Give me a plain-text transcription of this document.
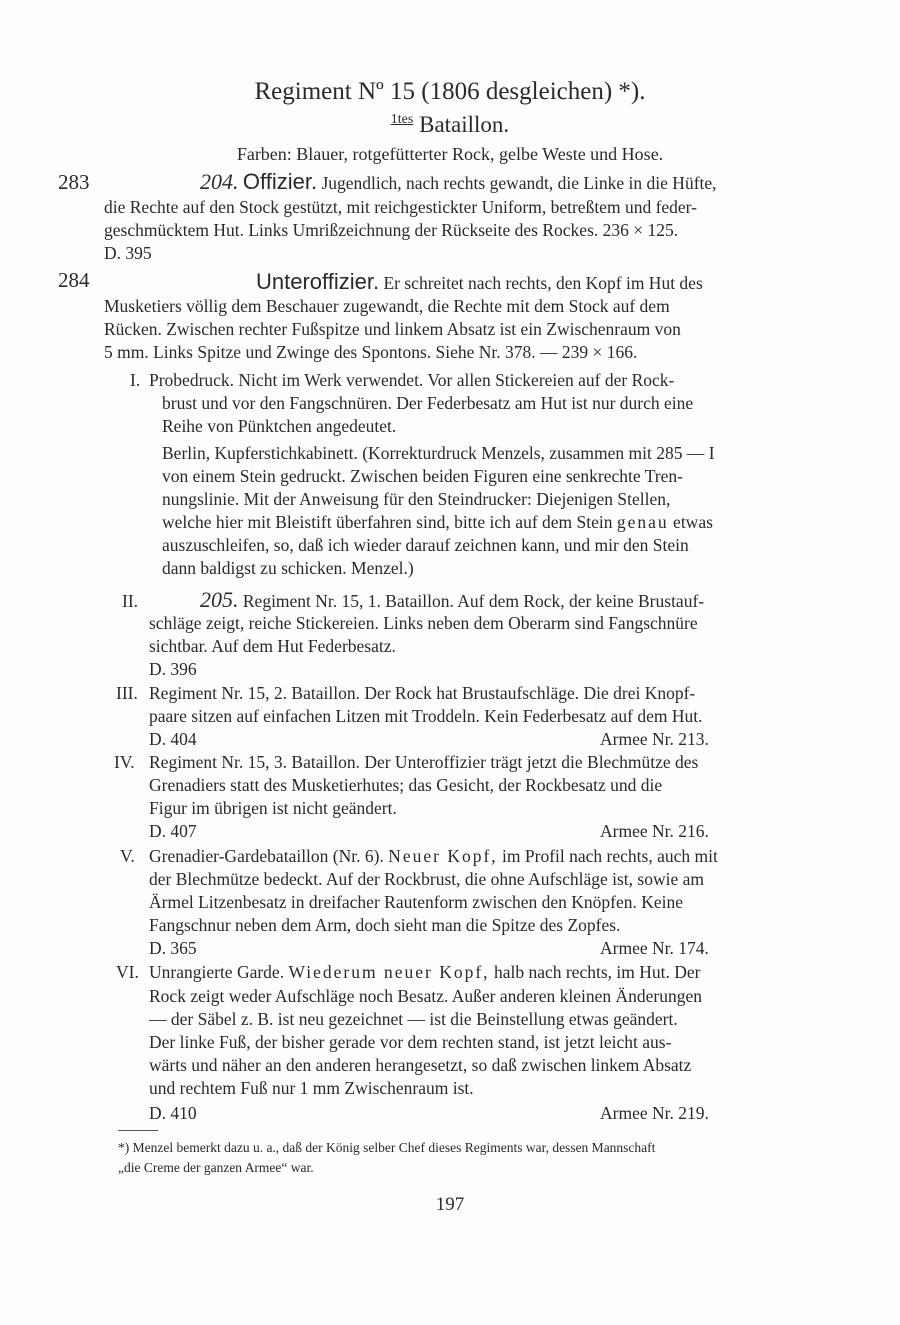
Regiment Nº 15 (1806 desgleichen) *).
$^{1tes}$ Bataillon.
Farben: Blauer, rotgefütterter Rock, gelbe Weste und Hose.
283	204. Offizier. Jugendlich, nach rechts gewandt, die Linke in die Hüfte,
die Rechte auf den Stock gestützt, mit reichgestickter Uniform, betreßtem und feder-
geschmücktem Hut. Links Umrißzeichnung der Rückseite des Rockes. 236 × 125.
D. 395
284	Unteroffizier. Er schreitet nach rechts, den Kopf im Hut des
Musketiers völlig dem Beschauer zugewandt, die Rechte mit dem Stock auf dem
Rücken. Zwischen rechter Fußspitze und linkem Absatz ist ein Zwischenraum von
5 mm. Links Spitze und Zwinge des Spontons. Siehe Nr. 378. — 239 × 166.
I. Probedruck. Nicht im Werk verwendet. Vor allen Stickereien auf der Rock-
brust und vor den Fangschnüren. Der Federbesatz am Hut ist nur durch eine
Reihe von Pünktchen angedeutet.
Berlin, Kupferstichkabinett. (Korrekturdruck Menzels, zusammen mit 285 — I
von einem Stein gedruckt. Zwischen beiden Figuren eine senkrechte Tren-
nungslinie. Mit der Anweisung für den Steindrucker: Diejenigen Stellen,
welche hier mit Bleistift überfahren sind, bitte ich auf dem Stein genau etwas
auszuschleifen, so, daß ich wieder darauf zeichnen kann, und mir den Stein
dann baldigst zu schicken. Menzel.)
II.	205. Regiment Nr. 15, 1. Bataillon. Auf dem Rock, der keine Brustauf-
schläge zeigt, reiche Stickereien. Links neben dem Oberarm sind Fangschnüre
sichtbar. Auf dem Hut Federbesatz.
D. 396
III. Regiment Nr. 15, 2. Bataillon. Der Rock hat Brustaufschläge. Die drei Knopf-
paare sitzen auf einfachen Litzen mit Troddeln. Kein Federbesatz auf dem Hut.
D. 404	Armee Nr. 213.
IV. Regiment Nr. 15, 3. Bataillon. Der Unteroffizier trägt jetzt die Blechmütze des
Grenadiers statt des Musketierhutes; das Gesicht, der Rockbesatz und die
Figur im übrigen ist nicht geändert.
D. 407	Armee Nr. 216.
V. Grenadier-Gardebataillon (Nr. 6). Neuer Kopf, im Profil nach rechts, auch mit
der Blechmütze bedeckt. Auf der Rockbrust, die ohne Aufschläge ist, sowie am
Ärmel Litzenbesatz in dreifacher Rautenform zwischen den Knöpfen. Keine
Fangschnur neben dem Arm, doch sieht man die Spitze des Zopfes.
D. 365	Armee Nr. 174.
VI. Unrangierte Garde. Wiederum neuer Kopf, halb nach rechts, im Hut. Der
Rock zeigt weder Aufschläge noch Besatz. Außer anderen kleinen Änderungen
— der Säbel z. B. ist neu gezeichnet — ist die Beinstellung etwas geändert.
Der linke Fuß, der bisher gerade vor dem rechten stand, ist jetzt leicht aus-
wärts und näher an den anderen herangesetzt, so daß zwischen linkem Absatz
und rechtem Fuß nur 1 mm Zwischenraum ist.
D. 410	Armee Nr. 219.
*) Menzel bemerkt dazu u. a., daß der König selber Chef dieses Regiments war, dessen Mannschaft
„die Creme der ganzen Armee“ war.
197
